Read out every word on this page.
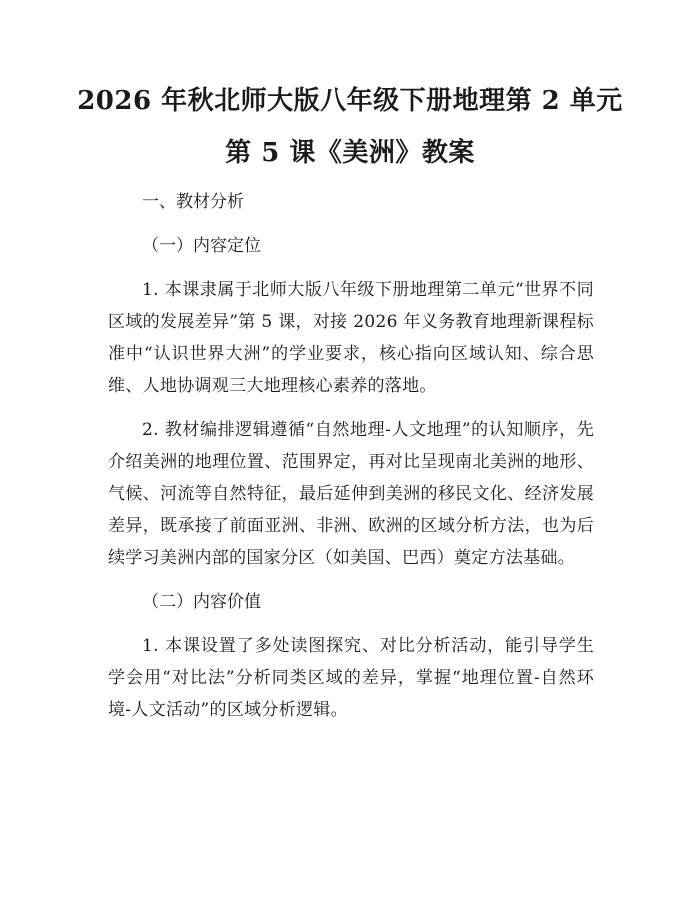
2026 年秋北师大版八年级下册地理第 2 单元
第 5 课《美洲》教案
一、教材分析
（一）内容定位

1. 本课隶属于北师大版八年级下册地理第二单元“世界不同区域的发展差异”第 5 课，对接 2026 年义务教育地理新课程标准中“认识世界大洲”的学业要求，核心指向区域认知、综合思维、人地协调观三大地理核心素养的落地。

2. 教材编排逻辑遵循“自然地理-人文地理”的认知顺序，先介绍美洲的地理位置、范围界定，再对比呈现南北美洲的地形、气候、河流等自然特征，最后延伸到美洲的移民文化、经济发展差异，既承接了前面亚洲、非洲、欧洲的区域分析方法，也为后续学习美洲内部的国家分区（如美国、巴西）奠定方法基础。

（二）内容价值

1. 本课设置了多处读图探究、对比分析活动，能引导学生学会用“对比法”分析同类区域的差异，掌握“地理位置-自然环境-人文活动”的区域分析逻辑。
